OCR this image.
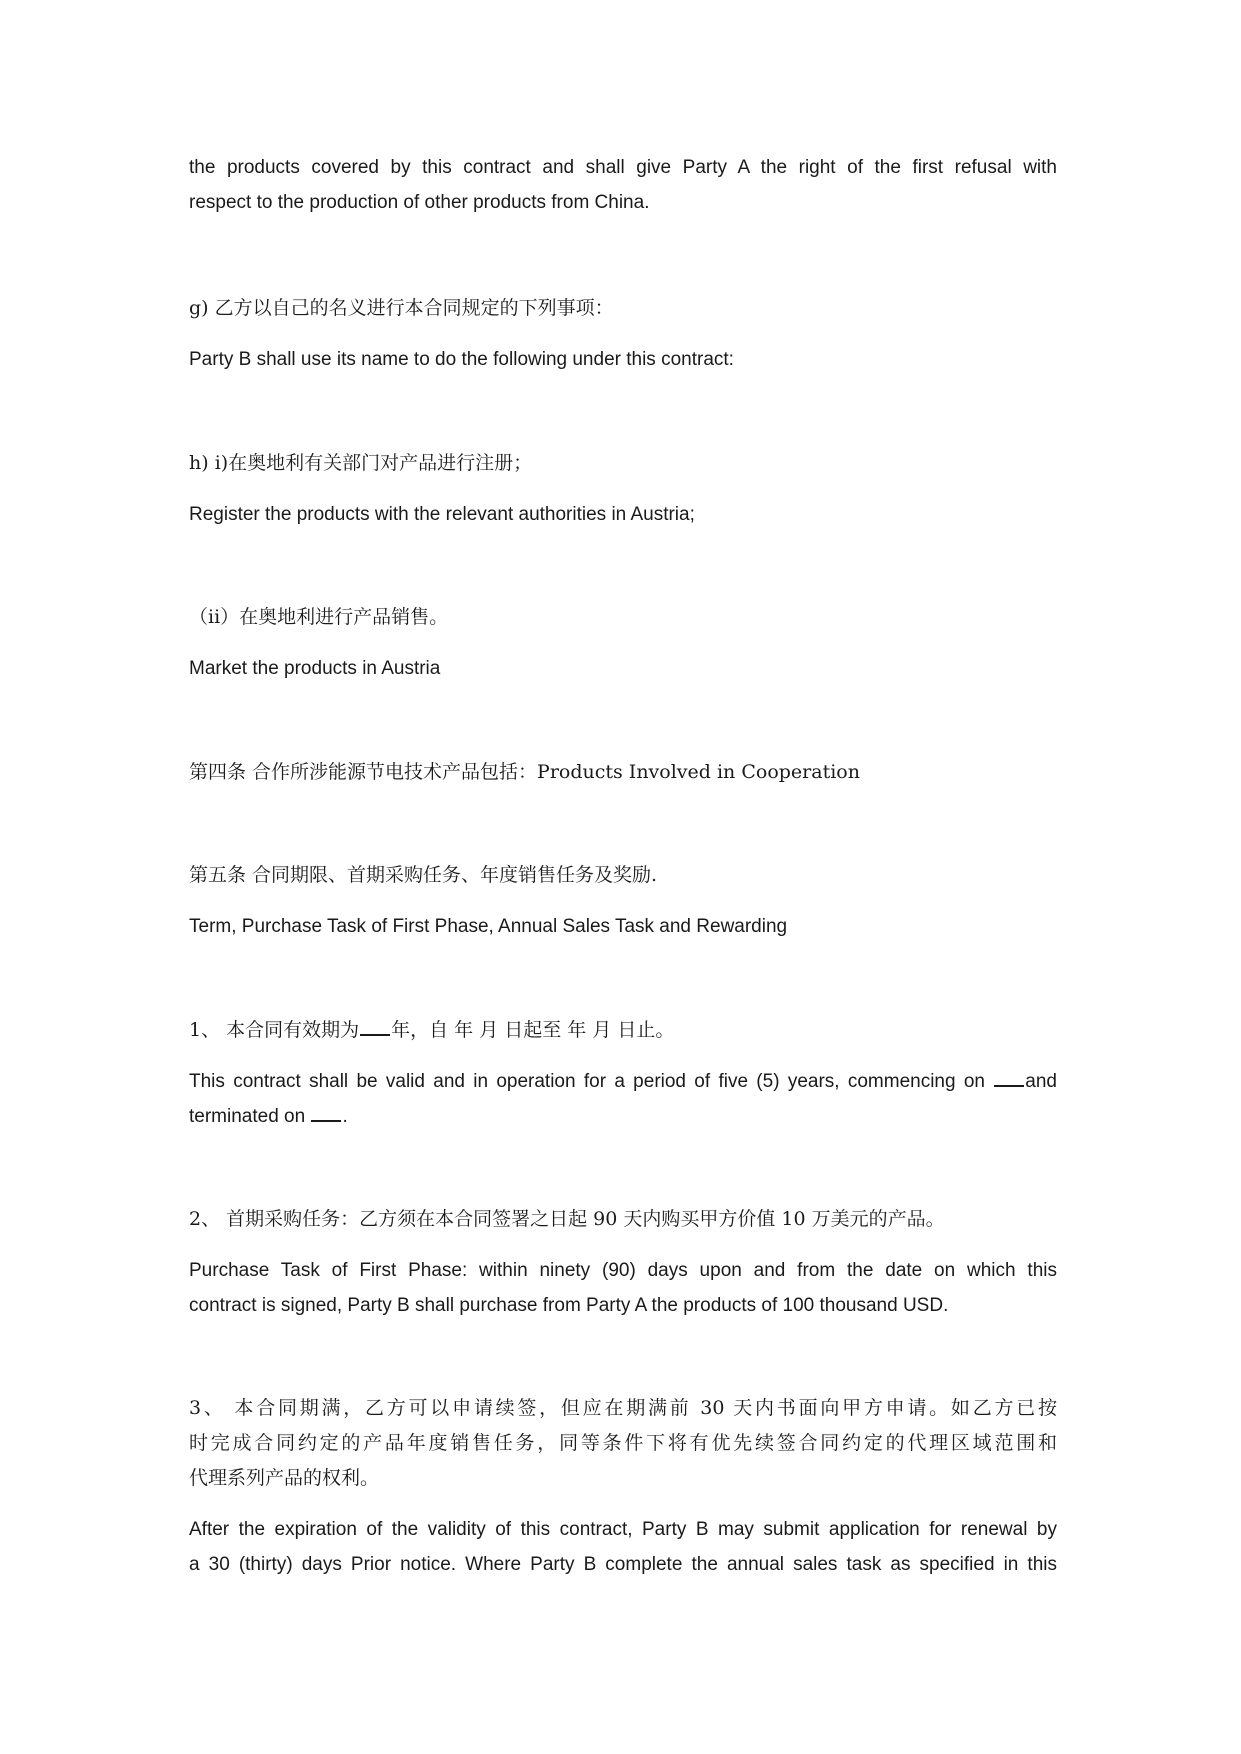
the products covered by this contract and shall give Party A the right of the first refusal with
respect to the production of other products from China.
g) 乙方以自己的名义进行本合同规定的下列事项：
Party B shall use its name to do the following under this contract:
h) i)在奥地利有关部门对产品进行注册；
Register the products with the relevant authorities in Austria;
（ii）在奥地利进行产品销售。
Market the products in Austria
第四条 合作所涉能源节电技术产品包括：Products Involved in Cooperation
第五条 合同期限、首期采购任务、年度销售任务及奖励.
Term, Purchase Task of First Phase, Annual Sales Task and Rewarding
1、 本合同有效期为 年，自 年 月 日起至 年 月 日止。
This contract shall be valid and in operation for a period of five (5) years, commencing on and
terminated on .
2、 首期采购任务：乙方须在本合同签署之日起 90 天内购买甲方价值 10 万美元的产品。
Purchase Task of First Phase: within ninety (90) days upon and from the date on which this
contract is signed, Party B shall purchase from Party A the products of 100 thousand USD.
3、 本合同期满，乙方可以申请续签，但应在期满前 30 天内书面向甲方申请。如乙方已按
时完成合同约定的产品年度销售任务，同等条件下将有优先续签合同约定的代理区域范围和
代理系列产品的权利。
After the expiration of the validity of this contract, Party B may submit application for renewal by
a 30 (thirty) days Prior notice. Where Party B complete the annual sales task as specified in this
